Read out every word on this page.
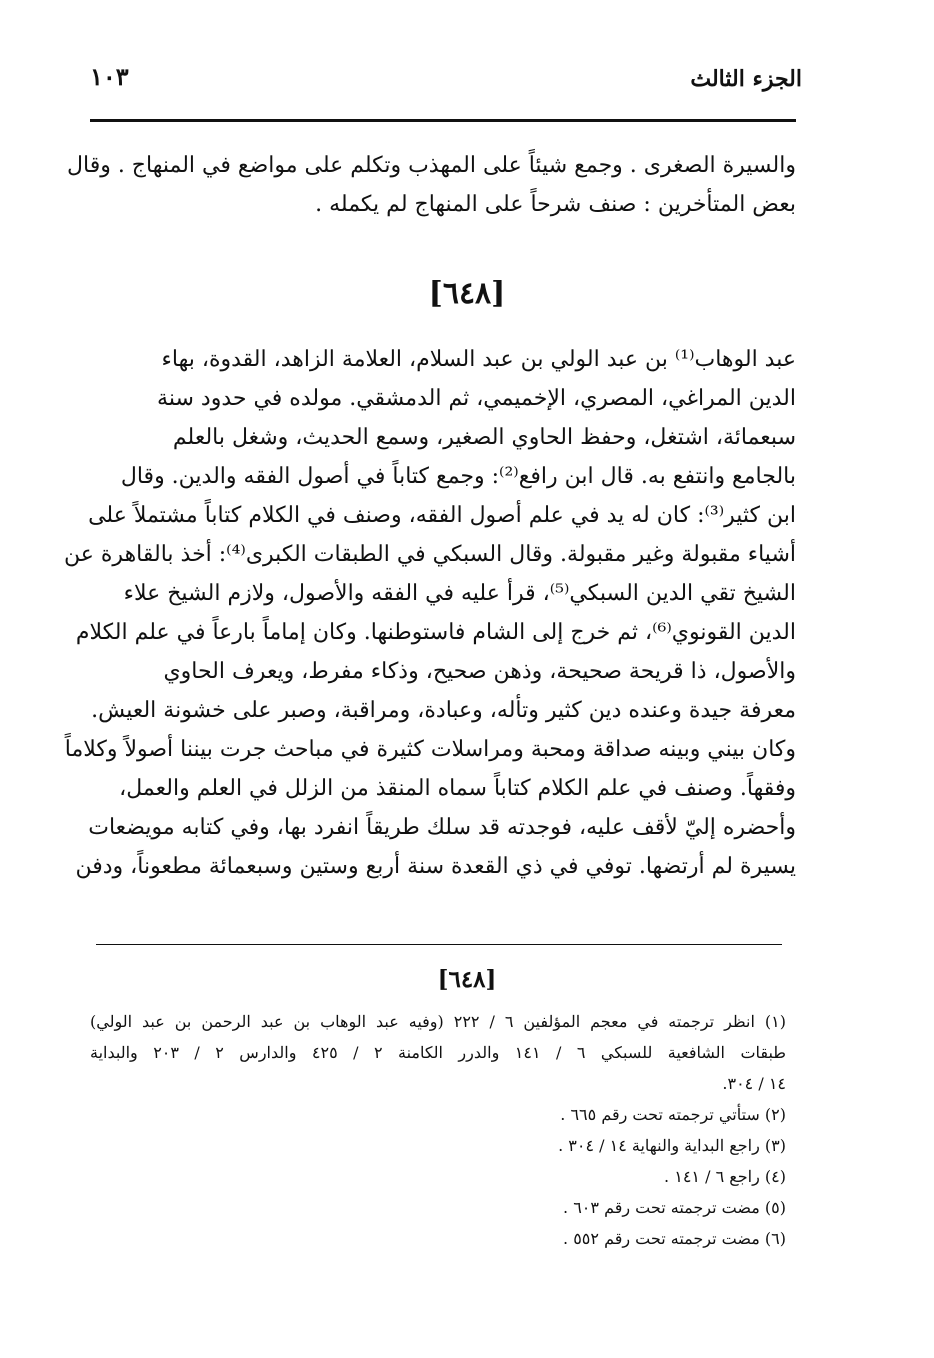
الجزء الثالث
١٠٣
والسيرة الصغرى . وجمع شيئاً على المهذب وتكلم على مواضع في المنهاج . وقال
بعض المتأخرين : صنف شرحاً على المنهاج لم يكمله .
[٦٤٨]
عبد الوهاب⁽¹⁾ بن عبد الولي بن عبد السلام، العلامة الزاهد، القدوة، بهاء
الدين المراغي، المصري، الإخميمي، ثم الدمشقي. مولده في حدود سنة
سبعمائة، اشتغل، وحفظ الحاوي الصغير، وسمع الحديث، وشغل بالعلم
بالجامع وانتفع به. قال ابن رافع⁽²⁾: وجمع كتاباً في أصول الفقه والدين. وقال
ابن كثير⁽³⁾: كان له يد في علم أصول الفقه، وصنف في الكلام كتاباً مشتملاً على
أشياء مقبولة وغير مقبولة. وقال السبكي في الطبقات الكبرى⁽⁴⁾: أخذ بالقاهرة عن
الشيخ تقي الدين السبكي⁽⁵⁾، قرأ عليه في الفقه والأصول، ولازم الشيخ علاء
الدين القونوي⁽⁶⁾، ثم خرج إلى الشام فاستوطنها. وكان إماماً بارعاً في علم الكلام
والأصول، ذا قريحة صحيحة، وذهن صحيح، وذكاء مفرط، ويعرف الحاوي
معرفة جيدة وعنده دين كثير وتأله، وعبادة، ومراقبة، وصبر على خشونة العيش.
وكان بيني وبينه صداقة ومحبة ومراسلات كثيرة في مباحث جرت بيننا أصولاً وكلاماً
وفقهاً. وصنف في علم الكلام كتاباً سماه المنقذ من الزلل في العلم والعمل،
وأحضره إليّ لأقف عليه، فوجدته قد سلك طريقاً انفرد بها، وفي كتابه مويضعات
يسيرة لم أرتضها. توفي في ذي القعدة سنة أربع وستين وسبعمائة مطعوناً، ودفن
[٦٤٨]
(١) انظر ترجمته في معجم المؤلفين ٦ / ٢٢٢ (وفيه عبد الوهاب بن عبد الرحمن بن عبد الولي)
طبقات الشافعية للسبكي ٦ / ١٤١ والدرر الكامنة ٢ / ٤٢٥ والدارس ٢ / ٢٠٣ والبداية
١٤ / ٣٠٤.
(٢) ستأتي ترجمته تحت رقم ٦٦٥ .
(٣) راجع البداية والنهاية ١٤ / ٣٠٤ .
(٤) راجع ٦ / ١٤١ .
(٥) مضت ترجمته تحت رقم ٦٠٣ .
(٦) مضت ترجمته تحت رقم ٥٥٢ .
